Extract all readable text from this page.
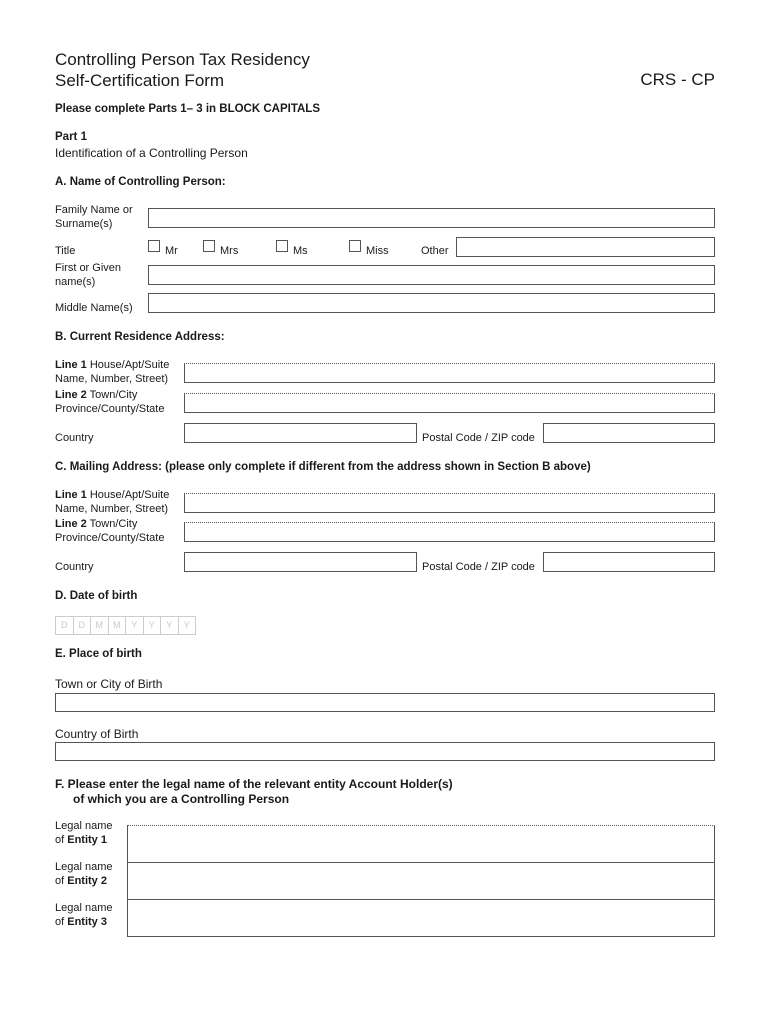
Controlling Person Tax Residency
Self-Certification Form	CRS - CP
Please complete Parts 1– 3 in BLOCK CAPITALS
Part 1
Identification of a Controlling Person
A. Name of Controlling Person:
Family Name or
Surname(s)
Title	Mr	Mrs	Ms	Miss	Other
First or Given
name(s)
Middle Name(s)
B. Current Residence Address:
Line 1 House/Apt/Suite
Name, Number, Street)
Line 2 Town/City
Province/County/State
Country	Postal Code / ZIP code
C. Mailing Address: (please only complete if different from the address shown in Section B above)
Line 1 House/Apt/Suite
Name, Number, Street)
Line 2 Town/City
Province/County/State
Country	Postal Code / ZIP code
D. Date of birth
D	D	M	M	Y	Y	Y	Y
E. Place of birth
Town or City of Birth
Country of Birth
F. Please enter the legal name of the relevant entity Account Holder(s)
of which you are a Controlling Person
Legal name
of Entity 1
Legal name
of Entity 2
Legal name
of Entity 3
